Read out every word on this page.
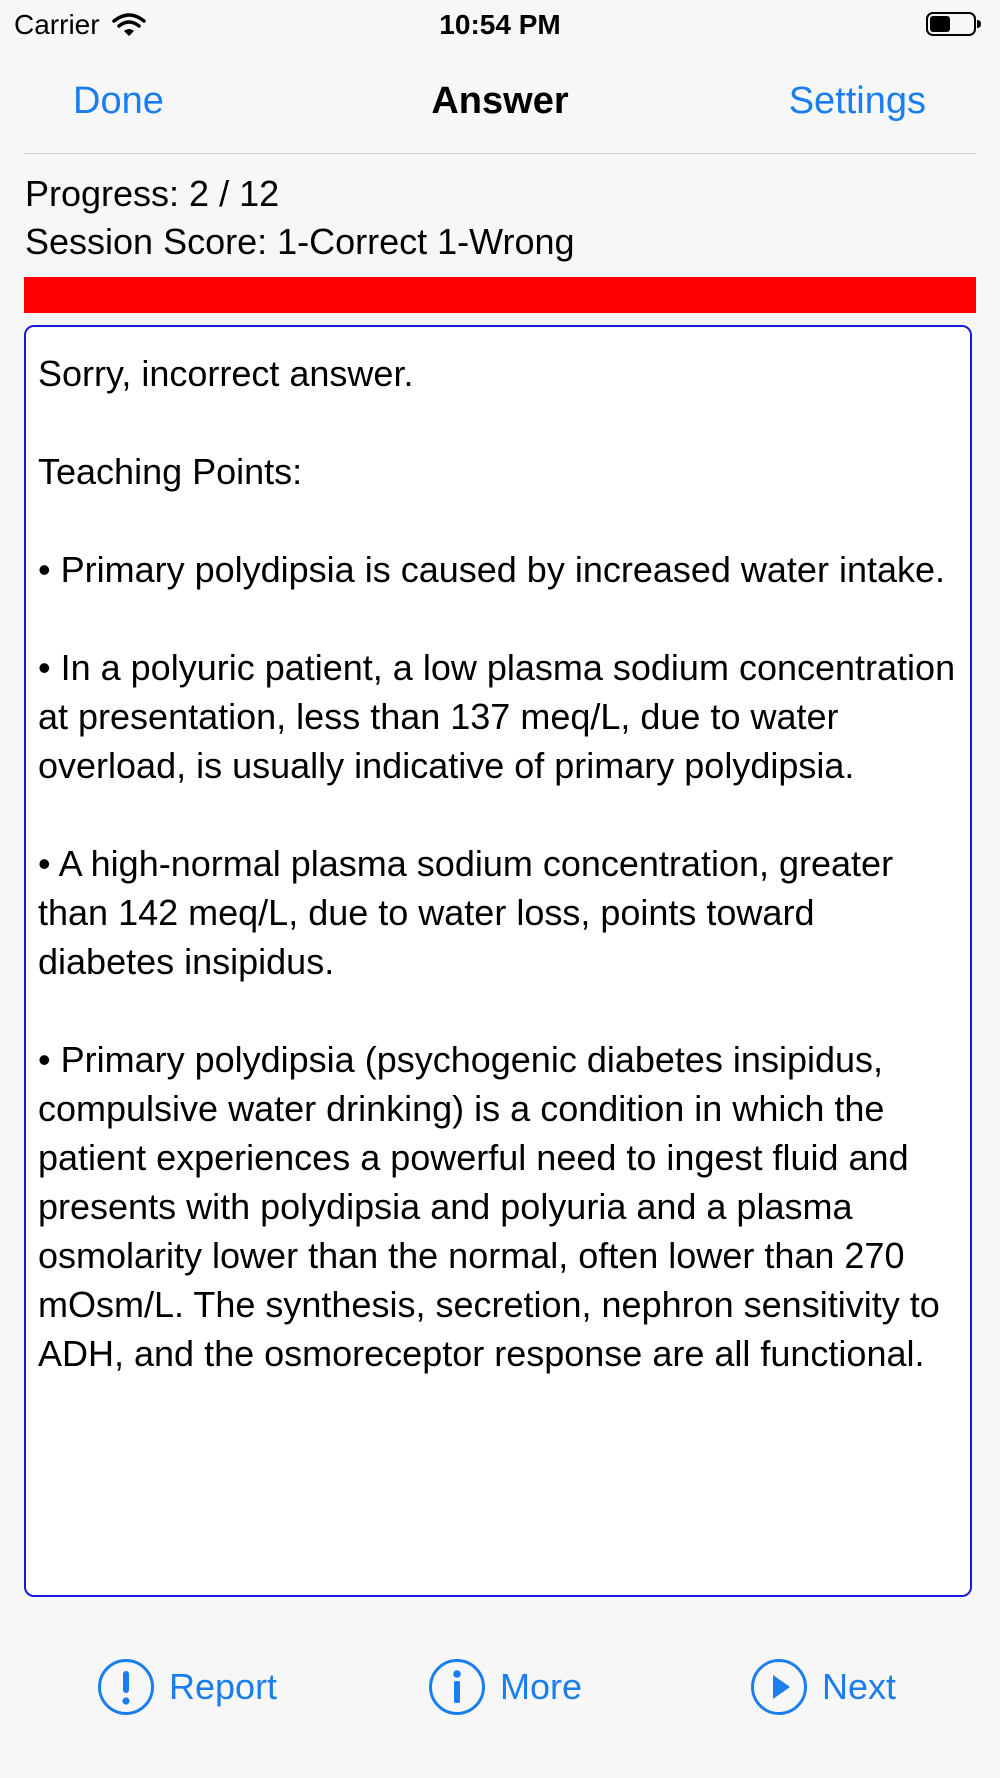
Carrier	10:54 PM
Done	Answer	Settings
Progress: 2 / 12
Session Score: 1-Correct 1-Wrong

Sorry, incorrect answer.

Teaching Points:

• Primary polydipsia is caused by increased water intake.

• In a polyuric patient, a low plasma sodium concentration at presentation, less than 137 meq/L, due to water overload, is usually indicative of primary polydipsia.

• A high-normal plasma sodium concentration, greater than 142 meq/L, due to water loss, points toward diabetes insipidus.

• Primary polydipsia (psychogenic diabetes insipidus, compulsive water drinking) is a condition in which the patient experiences a powerful need to ingest fluid and presents with polydipsia and polyuria and a plasma osmolarity lower than the normal, often lower than 270 mOsm/L. The synthesis, secretion, nephron sensitivity to ADH, and the osmoreceptor response are all functional.

Report	More	Next
